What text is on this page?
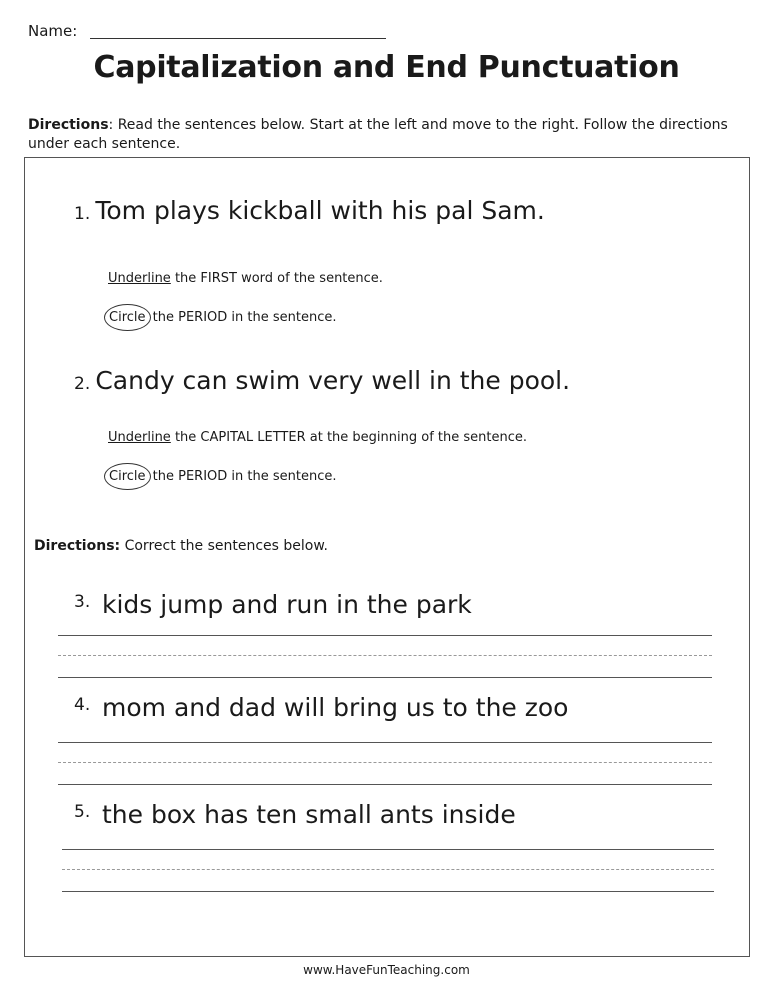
Name:
Capitalization and End Punctuation
Directions: Read the sentences below. Start at the left and move to the right. Follow the directions under each sentence.
1. Tom plays kickball with his pal Sam.
Underline the FIRST word of the sentence.
Circle the PERIOD in the sentence.
2. Candy can swim very well in the pool.
Underline the CAPITAL LETTER at the beginning of the sentence.
Circle the PERIOD in the sentence.
Directions: Correct the sentences below.
3. kids jump and run in the park
4. mom and dad will bring us to the zoo
5. the box has ten small ants inside
www.HaveFunTeaching.com
